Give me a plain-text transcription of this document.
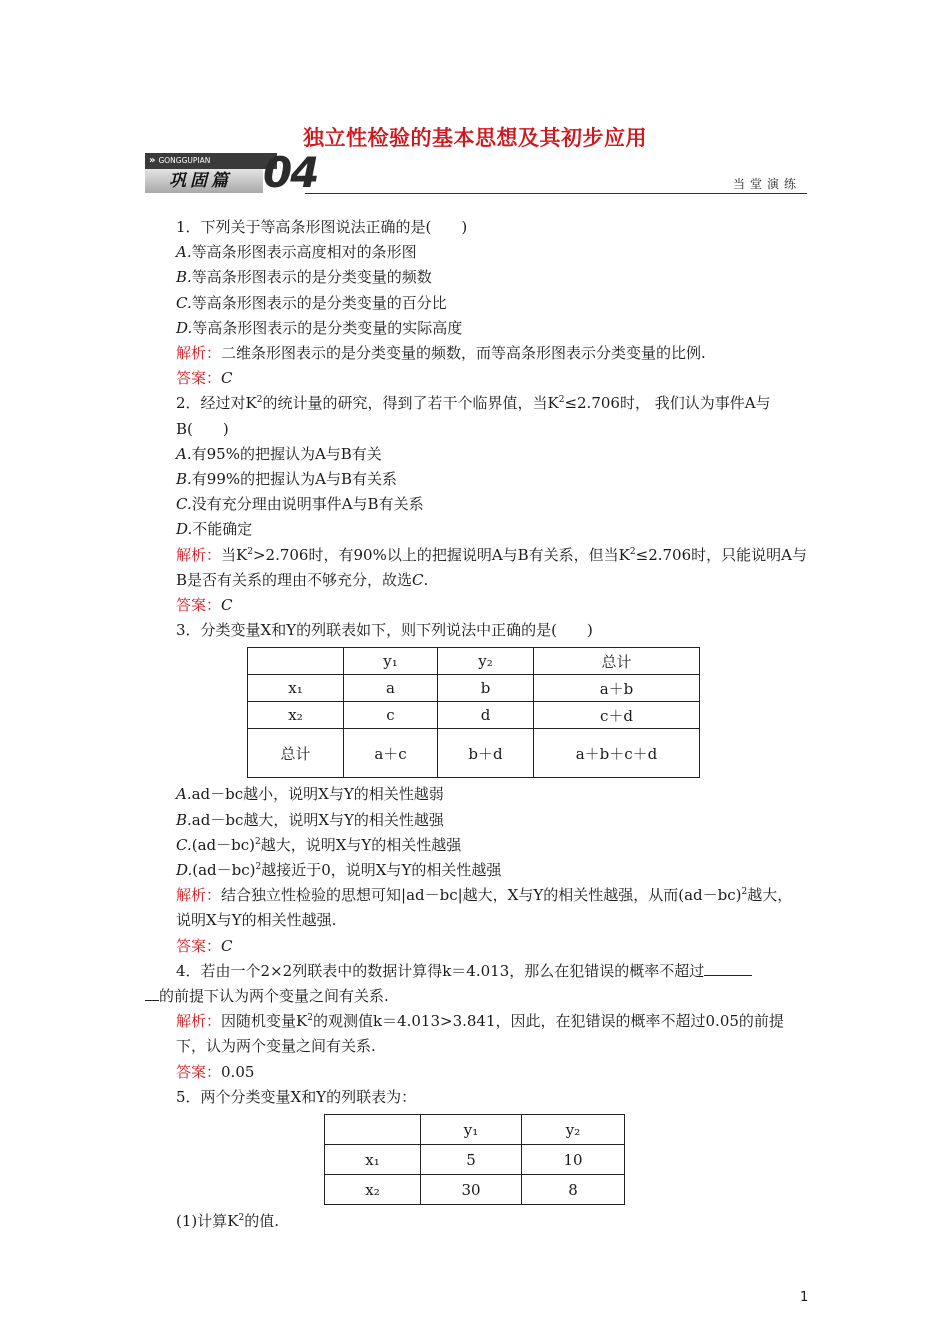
独立性检验的基本思想及其初步应用
» GONGGUPIAN
巩固篇 04	当堂演练
1．下列关于等高条形图说法正确的是(　　)
A.等高条形图表示高度相对的条形图
B.等高条形图表示的是分类变量的频数
C.等高条形图表示的是分类变量的百分比
D.等高条形图表示的是分类变量的实际高度
解析：二维条形图表示的是分类变量的频数，而等高条形图表示分类变量的比例.
答案：C
2．经过对$K^2$的统计量的研究，得到了若干个临界值，当$K^2\le 2.706$时， 我们认为事件A与B(　　)
A.有95%的把握认为A与B有关
B.有99%的把握认为A与B有关系
C.没有充分理由说明事件A与B有关系
D.不能确定
解析：当$K^2>2.706$时，有90%以上的把握说明A与B有关系，但当$K^2\le 2.706$时，只能说明A与B是否有关系的理由不够充分，故选C.
答案：C
3．分类变量X和Y的列联表如下，则下列说法中正确的是(　　)
	y₁	y₂	总计
x₁	a	b	a＋b
x₂	c	d	c＋d
总计	a＋c	b＋d	a＋b＋c＋d
A.ad－bc越小，说明X与Y的相关性越弱
B.ad－bc越大，说明X与Y的相关性越强
$C.(ad-bc)^2$越大，说明X与Y的相关性越强
$D.(ad-bc)^2$越接近于0，说明X与Y的相关性越强
解析：结合独立性检验的思想可知|ad－bc|越大，X与Y的相关性越强，从而$(ad-bc)^2$越大，说明X与Y的相关性越强.
答案：C
4．若由一个2×2列联表中的数据计算得k＝4.013，那么在犯错误的概率不超过
的前提下认为两个变量之间有关系.
解析：因随机变量$K^2$的观测值k＝4.013>3.841，因此，在犯错误的概率不超过0.05的前提下，认为两个变量之间有关系.
答案：0.05
5．两个分类变量X和Y的列联表为：
	y₁	y₂
x₁	5	10
x₂	30	8
(1)计算$K^2$的值.
1
